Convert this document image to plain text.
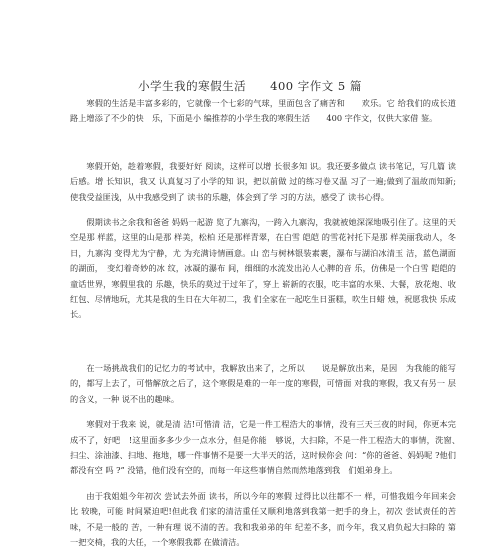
小学生我的寒假生活　　400 字作文 5 篇

寒假的生活是丰富多彩的，它就像一个七彩的气球，里面包含了痛苦和　　欢乐。它 给我们的成长道路上增添了不少的快　乐，下面是小 编推荐的小学生我的寒假生活　　400 字作文，仅供大家借 鉴。

寒假开始，趁着寒假，我要好好 阅读，这样可以增 长很多知 识。我还要多做点 读书笔记，写几篇 读后感。增 长知识，我又 认真复习了小学的知 识，把以前做 过的练习卷又温 习了一遍;做到了温故而知新;使我受益匪浅，从中我感受到了 读书的乐趣，体会到了学 习的方法，感受了 读书心得。

假期读书之余我和爸爸 妈妈一起游 览了九寨沟，一跨入九寨沟，我就被她深深地吸引住了。这里的天空是那 样蓝，这里的山是那 样美，松柏 还是那样青翠，在白雪 皑皑 的雪花衬托下是那 样美丽我动人，冬日，九寨沟 变得尤为宁静，尤 为充满诗情画意。山 峦与树林银装素裹，瀑布与湖泊冰清玉 洁，蓝色湖面的湖面，　变幻着奇妙的冰 纹，冰凝的瀑布 间，细细的水流发出沁人心脾的音 乐，仿佛是一个白雪 皑皑的童话世界，寒假里我的 乐趣，快乐的莫过于过年了，穿上 崭新的衣服，吃丰富的水果、大餐，放花炮、收 红包、尽情地玩，尤其是我的生日在大年初二，我 们全家在一起吃生日蛋糕，吹生日蜡 烛，祝愿我快 乐成长。

在一场挑战我们的记忆力的考试中，我解放出来了，之所以　　说是解放出来，是因　为我能的能写的，都写上去了，可惜解放之后了，这个寒假是难的一年一度的寒假，可惜面 对我的寒假，我又有另一 层的含义，一种 说不出的趣味。

寒假对于我来 说，就是清 洁!可惜清 洁，它是一件工程浩大的事情，没有三天三夜的时间，你更本完成不了，好吧　!这里面多多少少一点水分，但是你能　够说，大扫除，不是一件工程浩大的事情，洗窗、　扫尘、涂油漆、扫地、拖地，哪一件事情不是要一大半天的活，这时候你会 问：“你的爸爸、妈妈呢 ?他们都没有空 吗 ?” 没错，他们没有空的，而每一年这些事情自然而然地落到我　们姐弟身上。

由于我姐姐今年初次 尝试去外面 读书，所以今年的寒假 过得比以往都不一 样，可惜我姐今年回来会比 较晚，可能 时间紧迫吧!但此我 们家的清洁重任又顺利地落到我第一把手的身上，初次 尝试责任的苦味，不是一般的 苦，一种有理 说不清的苦。我和我弟弟的年 纪差不多，而今年，我又肩负起大扫除的 第一把交椅，我的大任，一个寒假我都 在做清洁。
